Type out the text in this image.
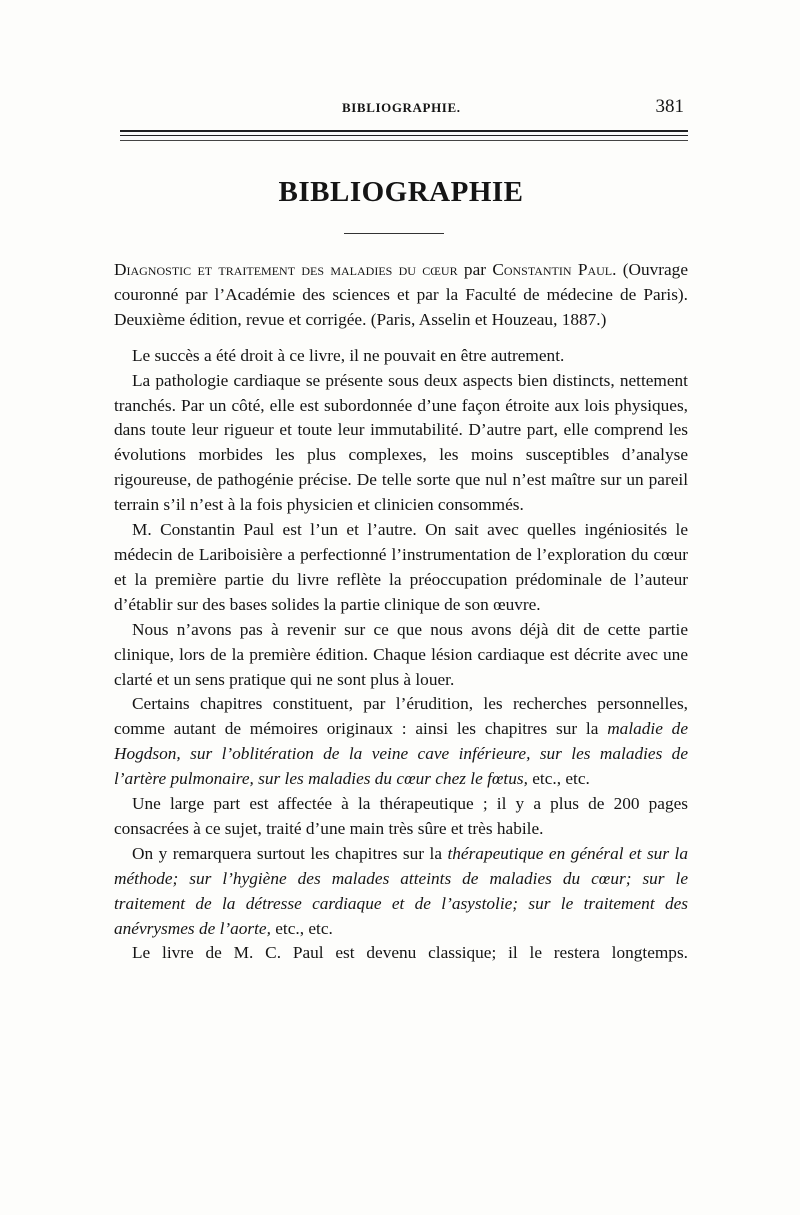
BIBLIOGRAPHIE.	381
BIBLIOGRAPHIE

Diagnostic et traitement des maladies du cœur par Constantin Paul. (Ouvrage couronné par l’Académie des sciences et par la Faculté de médecine de Paris). Deuxième édition, revue et corrigée. (Paris, Asselin et Houzeau, 1887.)

Le succès a été droit à ce livre, il ne pouvait en être autrement.

La pathologie cardiaque se présente sous deux aspects bien distincts, nettement tranchés. Par un côté, elle est subordonnée d’une façon étroite aux lois physiques, dans toute leur rigueur et toute leur immutabilité. D’autre part, elle comprend les évolutions morbides les plus complexes, les moins susceptibles d’analyse rigoureuse, de pathogénie précise. De telle sorte que nul n’est maître sur un pareil terrain s’il n’est à la fois physicien et clinicien consommés.

M. Constantin Paul est l’un et l’autre. On sait avec quelles ingéniosités le médecin de Lariboisière a perfectionné l’instrumentation de l’exploration du cœur et la première partie du livre reflète la préoccupation prédominale de l’auteur d’établir sur des bases solides la partie clinique de son œuvre.

Nous n’avons pas à revenir sur ce que nous avons déjà dit de cette partie clinique, lors de la première édition. Chaque lésion cardiaque est décrite avec une clarté et un sens pratique qui ne sont plus à louer.

Certains chapitres constituent, par l’érudition, les recherches personnelles, comme autant de mémoires originaux : ainsi les chapitres sur la maladie de Hogdson, sur l’oblitération de la veine cave inférieure, sur les maladies de l’artère pulmonaire, sur les maladies du cœur chez le fœtus, etc., etc.

Une large part est affectée à la thérapeutique ; il y a plus de 200 pages consacrées à ce sujet, traité d’une main très sûre et très habile.

On y remarquera surtout les chapitres sur la thérapeutique en général et sur la méthode; sur l’hygiène des malades atteints de maladies du cœur; sur le traitement de la détresse cardiaque et de l’asystolie; sur le traitement des anévrysmes de l’aorte, etc., etc.

Le livre de M. C. Paul est devenu classique; il le restera longtemps.
